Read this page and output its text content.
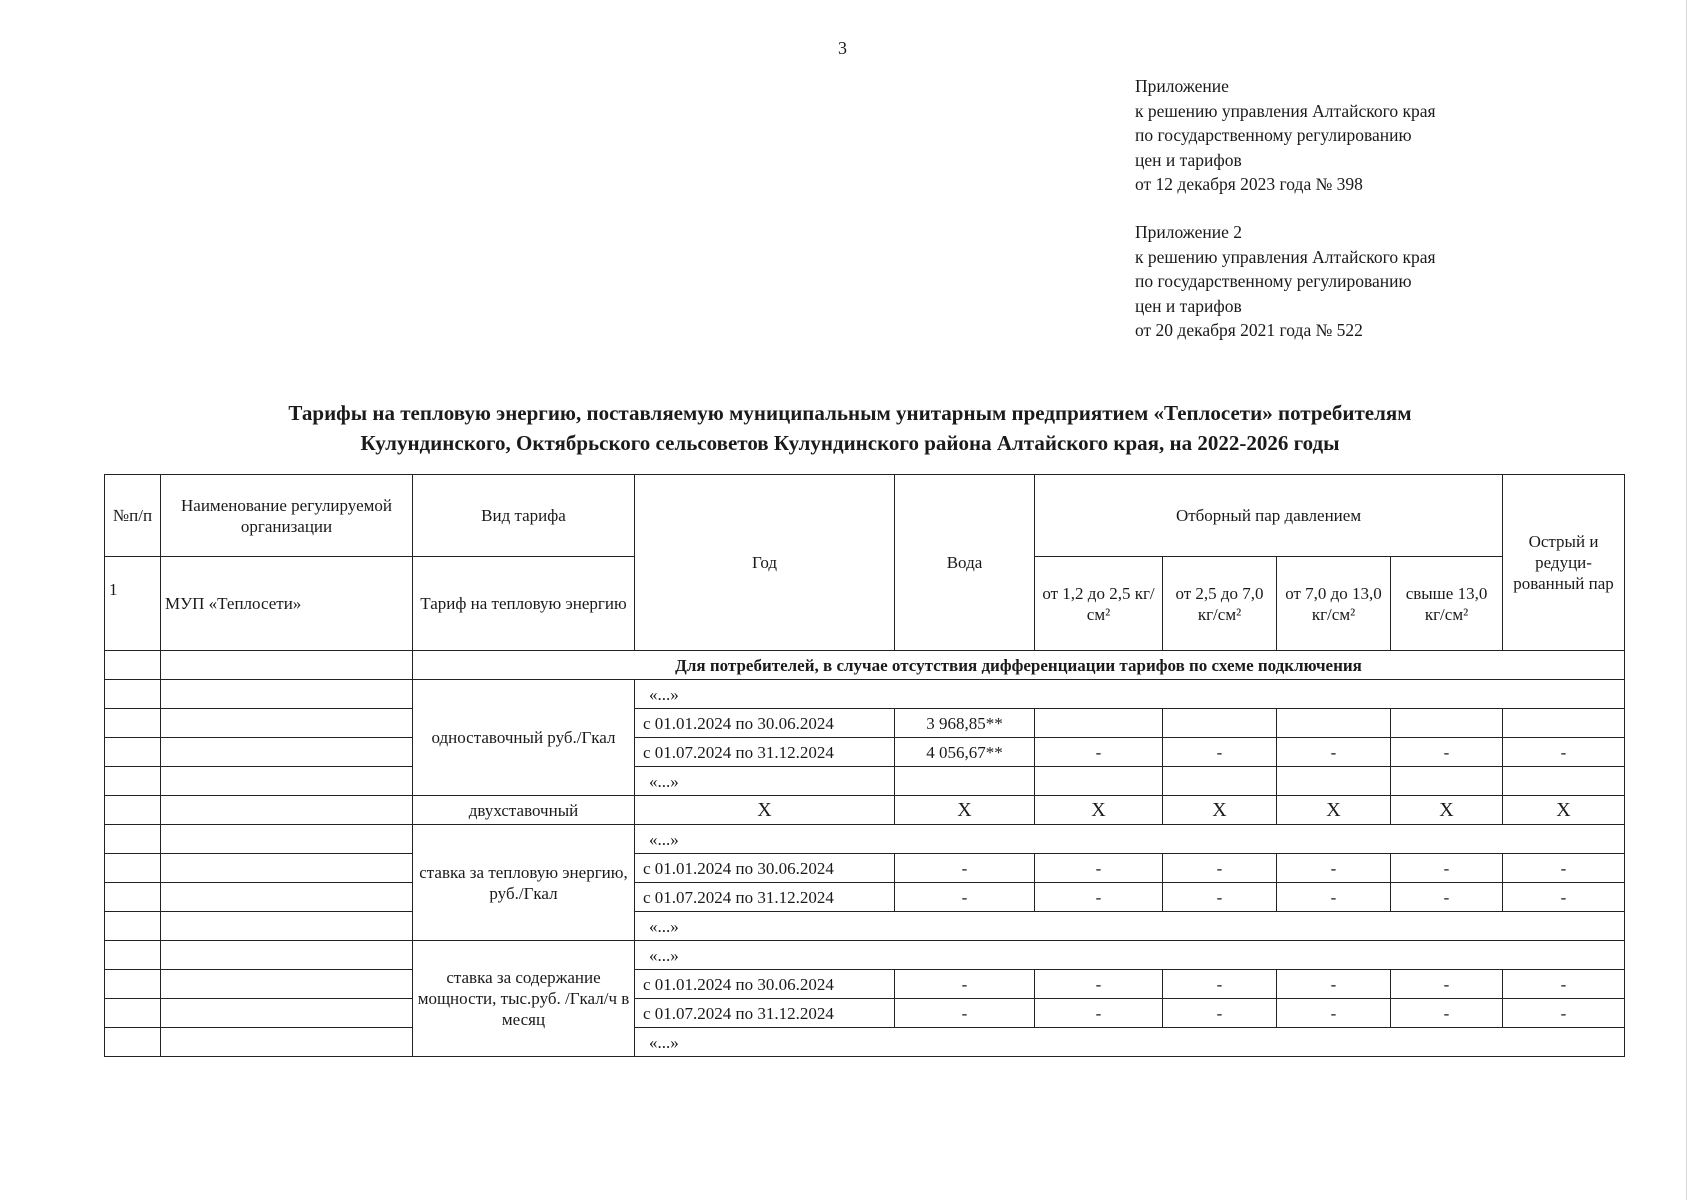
3
Приложение
к решению управления Алтайского края
по государственному регулированию
цен и тарифов
от 12 декабря 2023 года № 398
Приложение 2
к решению управления Алтайского края
по государственному регулированию
цен и тарифов
от 20 декабря 2021 года № 522
Тарифы на тепловую энергию, поставляемую муниципальным унитарным предприятием «Теплосети» потребителям
Кулундинского, Октябрьского сельсоветов Кулундинского района Алтайского края, на 2022-2026 годы
№п/п	Наименование регулируемой организации	Вид тарифа	Год	Вода	Отборный пар давлением				Острый и редуци-рованный пар
1	МУП «Теплосети»	Тариф на тепловую энергию			от 1,2 до 2,5 кг/см²	от 2,5 до 7,0 кг/см²	от 7,0 до 13,0 кг/см²	свыше 13,0 кг/см²	
		Для потребителей, в случае отсутствия дифференциации тарифов по схеме подключения							
		одноставочный руб./Гкал	«...»						
			с 01.01.2024 по 30.06.2024	3 968,85**					
			с 01.07.2024 по 31.12.2024	4 056,67**	-	-	-	-	-
			«...»						
		двухставочный	Х	Х	Х	Х	Х	Х	Х
		ставка за тепловую энергию, руб./Гкал	«...»						
			с 01.01.2024 по 30.06.2024	-	-	-	-	-	-
			с 01.07.2024 по 31.12.2024	-	-	-	-	-	-
			«...»						
		ставка за содержание мощности, тыс.руб. /Гкал/ч в месяц	«...»						
			с 01.01.2024 по 30.06.2024	-	-	-	-	-	-
			с 01.07.2024 по 31.12.2024	-	-	-	-	-	-
			«...»						
